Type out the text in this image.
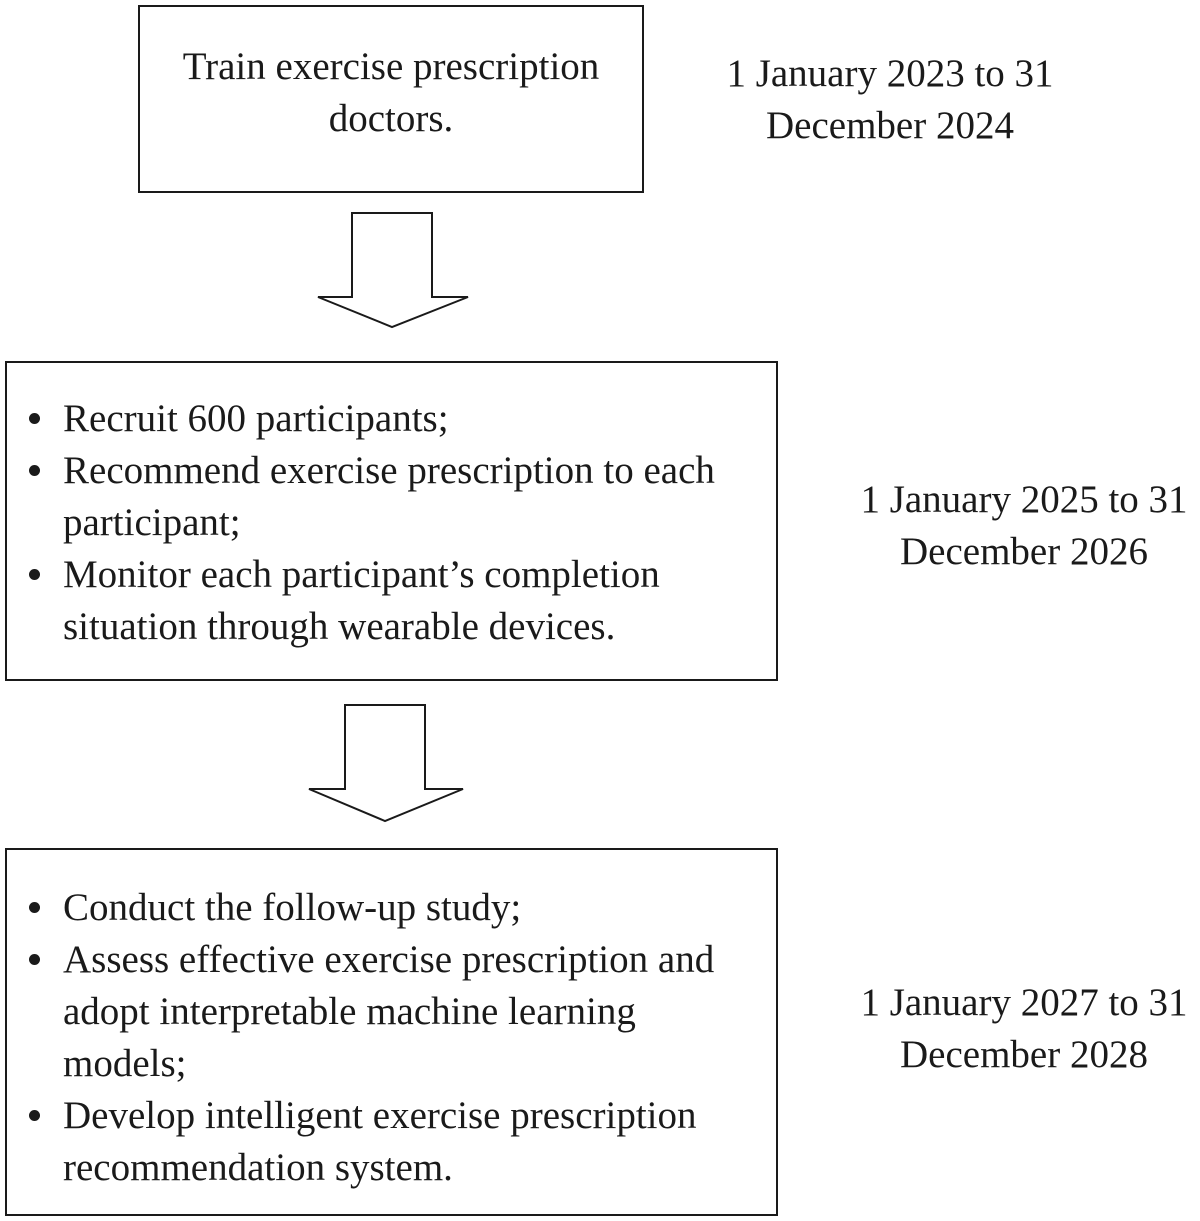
Train exercise prescription doctors.
1 January 2023 to 31
December 2024
Recruit 600 participants;
Recommend exercise prescription to each participant;
Monitor each participant’s completion situation through wearable devices.
1 January 2025 to 31
December 2026
Conduct the follow-up study;
Assess effective exercise prescription and adopt interpretable machine learning models;
Develop intelligent exercise prescription recommendation system.
1 January 2027 to 31
December 2028
